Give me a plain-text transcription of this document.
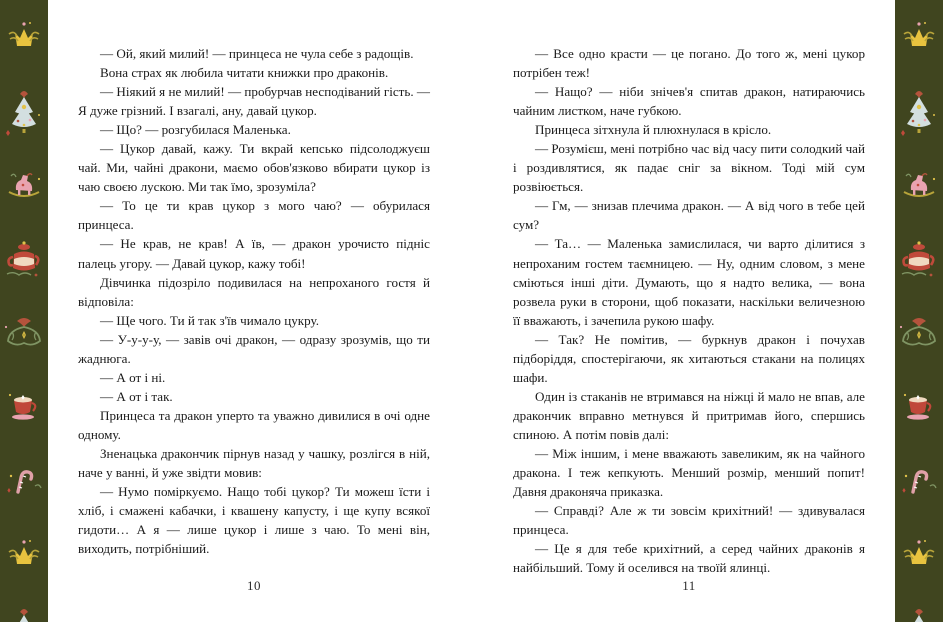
— Ой, який милий! — принцеса не чула себе з радощів.

Вона страх як любила читати книжки про драконів.

— Ніякий я не милий! — пробурчав несподіваний гість. — Я дуже грізний. І взагалі, ану, давай цукор.

— Що? — розгубилася Маленька.

— Цукор давай, кажу. Ти вкрай кепсько підсолоджуєш чай. Ми, чайні дракони, маємо обов'язково вбирати цукор із чаю своєю лускою. Ми так їмо, зрозуміла?

— То це ти крав цукор з мого чаю? — обурилася принцеса.

— Не крав, не крав! А їв, — дракон урочисто підніс палець угору. — Давай цукор, кажу тобі!

Дівчинка підозріло подивилася на непроханого гостя й відповіла:

— Ще чого. Ти й так з'їв чимало цукру.

— У-у-у-у, — завів очі дракон, — одразу зрозумів, що ти жаднюга.

— А от і ні.

— А от і так.

Принцеса та дракон уперто та уважно дивилися в очі одне одному.

Зненацька дракончик пірнув назад у чашку, розлігся в ній, наче у ванні, й уже звідти мовив:

— Нумо поміркуємо. Нащо тобі цукор? Ти можеш їсти і хліб, і смажені кабачки, і квашену капусту, і ще купу всякої гидоти… А я — лише цукор і лише з чаю. То мені він, виходить, потрібніший.

10

— Все одно красти — це погано. До того ж, мені цукор потрібен теж!

— Нащо? — ніби знічев'я спитав дракон, натираючись чайним листком, наче губкою.

Принцеса зітхнула й плюхнулася в крісло.

— Розумієш, мені потрібно час від часу пити солодкий чай і роздивлятися, як падає сніг за вікном. Тоді мій сум розвіюється.

— Гм, — знизав плечима дракон. — А від чого в тебе цей сум?

— Та… — Маленька замислилася, чи варто ділитися з непроханим гостем таємницею. — Ну, одним словом, з мене сміються інші діти. Думають, що я надто велика, — вона розвела руки в сторони, щоб показати, наскільки величезною її вважають, і зачепила рукою шафу.

— Так? Не помітив, — буркнув дракон і почухав підборіддя, спостерігаючи, як хитаються стакани на полицях шафи.

Один із стаканів не втримався на ніжці й мало не впав, але дракончик вправно метнувся й притримав його, спершись спиною. А потім повів далі:

— Між іншим, і мене вважають завеликим, як на чайного дракона. І теж кепкують. Менший розмір, менший попит! Давня драконяча приказка.

— Справді? Але ж ти зовсім крихітний! — здивувалася принцеса.

— Це я для тебе крихітний, а серед чайних драконів я найбільший. Тому й оселився на твоїй ялинці.

11
